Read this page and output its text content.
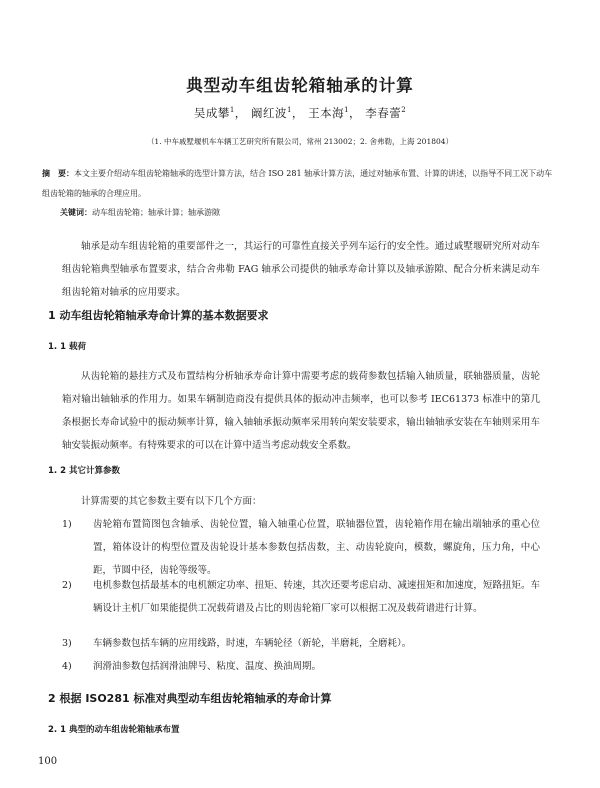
典型动车组齿轮箱轴承的计算
吴成攀$^1$， 阚红波$^1$， 王本海$^1$， 李春蕾$^2$
（1. 中车戚墅堰机车车辆工艺研究所有限公司，常州 213002；2. 舍弗勒，上海 201804）
摘　要：本文主要介绍动车组齿轮箱轴承的选型计算方法，结合 ISO 281 轴承计算方法，通过对轴承布置、计算的讲述，以指导不同工况下动车组齿轮箱的轴承的合理应用。
关键词：动车组齿轮箱；轴承计算；轴承游隙
轴承是动车组齿轮箱的重要部件之一，其运行的可靠性直接关乎列车运行的安全性。通过戚墅堰研究所对动车组齿轮箱典型轴承布置要求，结合舍弗勒 FAG 轴承公司提供的轴承寿命计算以及轴承游隙、配合分析来满足动车组齿轮箱对轴承的应用要求。
1 动车组齿轮箱轴承寿命计算的基本数据要求
1. 1 载荷
从齿轮箱的悬挂方式及布置结构分析轴承寿命计算中需要考虑的载荷参数包括输入轴质量，联轴器质量，齿轮箱对输出轴轴承的作用力。如果车辆制造商没有提供具体的振动冲击频率，也可以参考 IEC61373 标准中的第几条根据长寿命试验中的振动频率计算，输入轴轴承振动频率采用转向架安装要求，输出轴轴承安装在车轴则采用车轴安装振动频率。有特殊要求的可以在计算中适当考虑动载安全系数。
1. 2 其它计算参数
计算需要的其它参数主要有以下几个方面：
1)	齿轮箱布置简图包含轴承、齿轮位置，输入轴重心位置，联轴器位置，齿轮箱作用在输出端轴承的重心位置，箱体设计的构型位置及齿轮设计基本参数包括齿数，主、动齿轮旋向，模数，螺旋角，压力角，中心距，节圆中径，齿轮等级等。
2)	电机参数包括最基本的电机额定功率、扭矩、转速，其次还要考虑启动、减速扭矩和加速度，短路扭矩。车辆设计主机厂如果能提供工况载荷谱及占比的则齿轮箱厂家可以根据工况及载荷谱进行计算。
3)	车辆参数包括车辆的应用线路，时速，车辆轮径（新轮，半磨耗，全磨耗）。
4)	润滑油参数包括润滑油牌号、粘度、温度、换油周期。
2 根据 ISO281 标准对典型动车组齿轮箱轴承的寿命计算
2. 1 典型的动车组齿轮箱轴承布置
100
